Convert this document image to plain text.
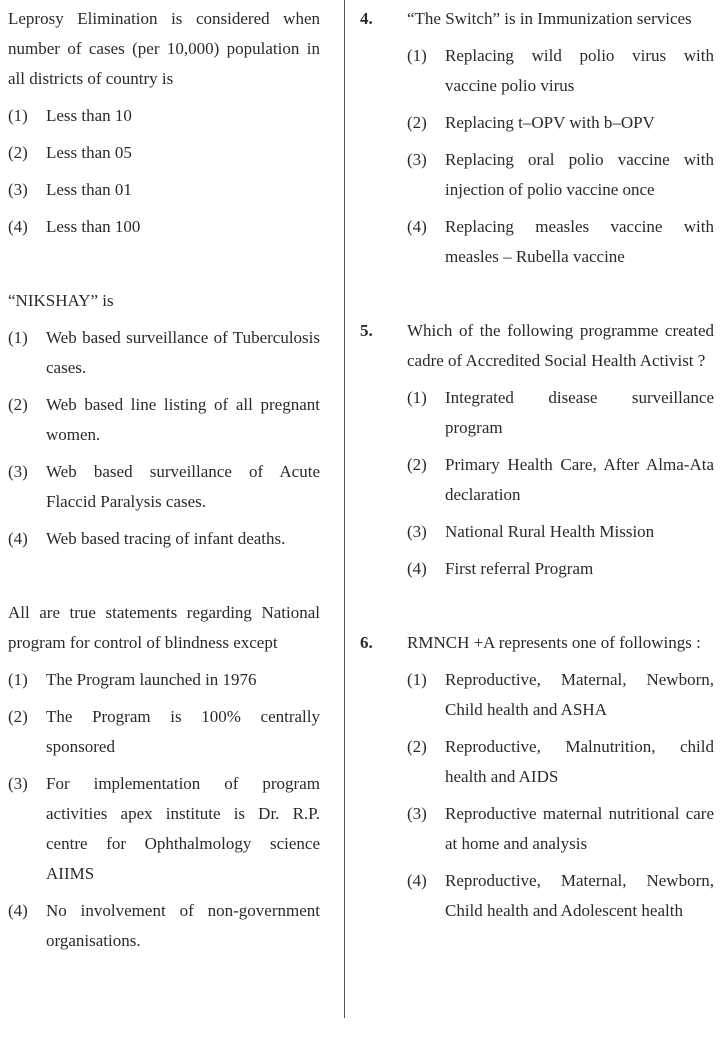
Leprosy Elimination is considered when number of cases (per 10,000) population in all districts of country is

(1) Less than 10
(2) Less than 05
(3) Less than 01
(4) Less than 100

“NIKSHAY” is

(1) Web based surveillance of Tuberculosis cases.
(2) Web based line listing of all pregnant women.
(3) Web based surveillance of Acute Flaccid Paralysis cases.
(4) Web based tracing of infant deaths.

All are true statements regarding National program for control of blindness except

(1) The Program launched in 1976
(2) The Program is 100% centrally sponsored
(3) For implementation of program activities apex institute is Dr. R.P. centre for Ophthalmology science AIIMS
(4) No involvement of non-government organisations.
4.	“The Switch” is in Immunization services

(1) Replacing wild polio virus with vaccine polio virus
(2) Replacing t–OPV with b–OPV
(3) Replacing oral polio vaccine with injection of polio vaccine once
(4) Replacing measles vaccine with measles – Rubella vaccine
5.	Which of the following programme created cadre of Accredited Social Health Activist ?

(1) Integrated disease surveillance program
(2) Primary Health Care, After Alma-Ata declaration
(3) National Rural Health Mission
(4) First referral Program
6.	RMNCH +A represents one of followings :

(1) Reproductive, Maternal, Newborn, Child health and ASHA
(2) Reproductive, Malnutrition, child health and AIDS
(3) Reproductive maternal nutritional care at home and analysis
(4) Reproductive, Maternal, Newborn, Child health and Adolescent health
